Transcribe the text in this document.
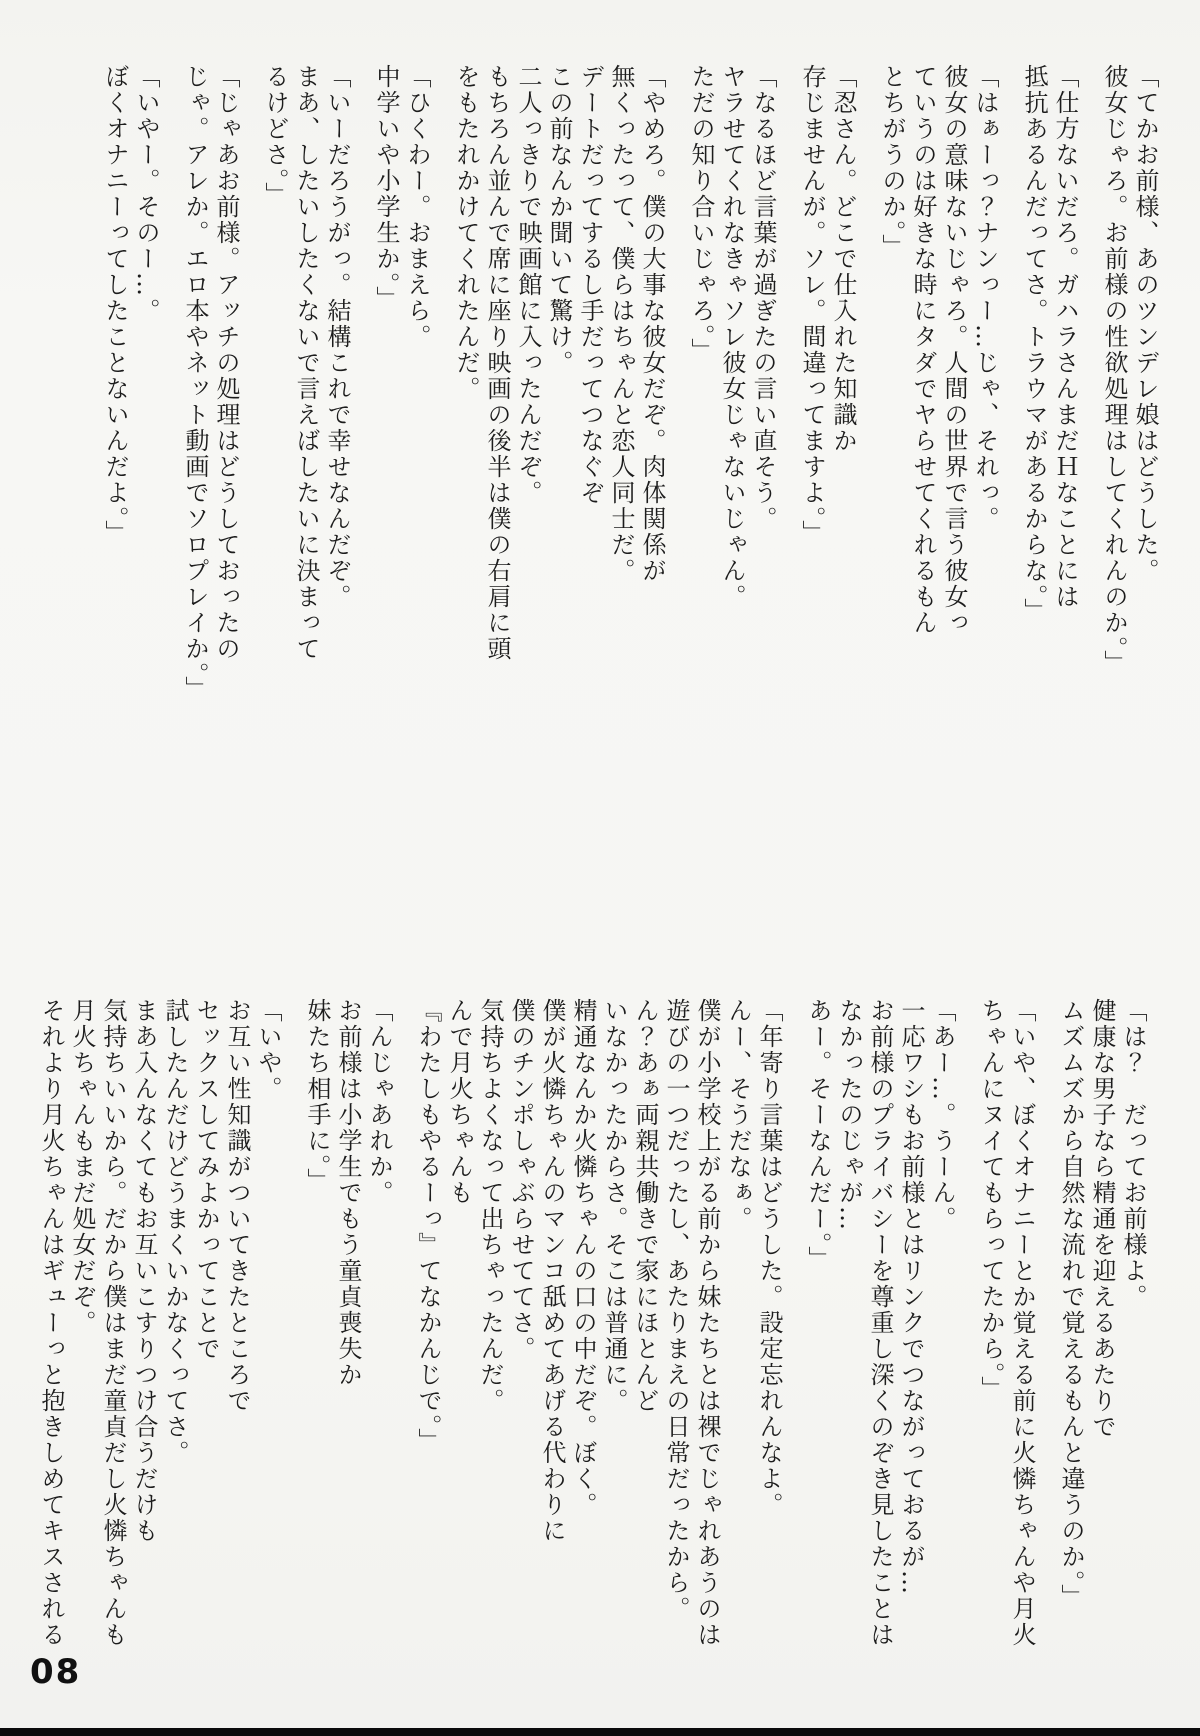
「てかお前様、あのツンデレ娘はどうした。
彼女じゃろ。お前様の性欲処理はしてくれんのか。」

「仕方ないだろ。ガハラさんまだＨなことには
抵抗あるんだってさ。トラウマがあるからな。」

「はぁーっ？ナンっー…じゃ、それっ。
彼女の意味ないじゃろ。人間の世界で言う彼女っ
ていうのは好きな時にタダでヤらせてくれるもん
とちがうのか。」

「忍さん。どこで仕入れた知識か
存じませんが。ソレ。間違ってますよ。」

「なるほど言葉が過ぎたの言い直そう。
ヤラせてくれなきゃソレ彼女じゃないじゃん。
ただの知り合いじゃろ。」

「やめろ。僕の大事な彼女だぞ。肉体関係が
無くったって、僕らはちゃんと恋人同士だ。
デートだってするし手だってつなぐぞ
この前なんか聞いて驚け。
二人っきりで映画館に入ったんだぞ。
もちろん並んで席に座り映画の後半は僕の右肩に頭
をもたれかけてくれたんだ。

「ひくわー。おまえら。
中学いや小学生か。」

「いーだろうがっ。結構これで幸せなんだぞ。
まあ、したいしたくないで言えばしたいに決まって
るけどさ。」

「じゃあお前様。アッチの処理はどうしておったの
じゃ。アレか。エロ本やネット動画でソロプレイか。」

「いやー。そのー…。
ぼくオナニーってしたことないんだよ。」

「は？　だってお前様よ。
健康な男子なら精通を迎えるあたりで
ムズムズから自然な流れで覚えるもんと違うのか。」

「いや、ぼくオナニーとか覚える前に火憐ちゃんや月火
ちゃんにヌイてもらってたから。」

「あー…。うーん。
一応ワシもお前様とはリンクでつながっておるが…
お前様のプライバシーを尊重し深くのぞき見したことは
なかったのじゃが…
あー。そーなんだー。」

「年寄り言葉はどうした。設定忘れんなよ。
んー、そうだなぁ。
僕が小学校上がる前から妹たちとは裸でじゃれあうのは
遊びの一つだったし、あたりまえの日常だったから。
ん？あぁ両親共働きで家にほとんど
いなかったからさ。そこは普通に。
精通なんか火憐ちゃんの口の中だぞ。ぼく。
僕が火憐ちゃんのマンコ舐めてあげる代わりに
僕のチンポしゃぶらせててさ。
気持ちよくなって出ちゃったんだ。
んで月火ちゃんも
『わたしもやるーっ』てなかんじで。」

「んじゃあれか。
お前様は小学生でもう童貞喪失か
妹たち相手に。」

「いや。
お互い性知識がついてきたところで
セックスしてみよかってことで
試したんだけどうまくいかなくってさ。
まあ入んなくてもお互いこすりつけ合うだけも
気持ちいいから。だから僕はまだ童貞だし火憐ちゃんも
月火ちゃんもまだ処女だぞ。
それより月火ちゃんはギューっと抱きしめてキスされる

08
